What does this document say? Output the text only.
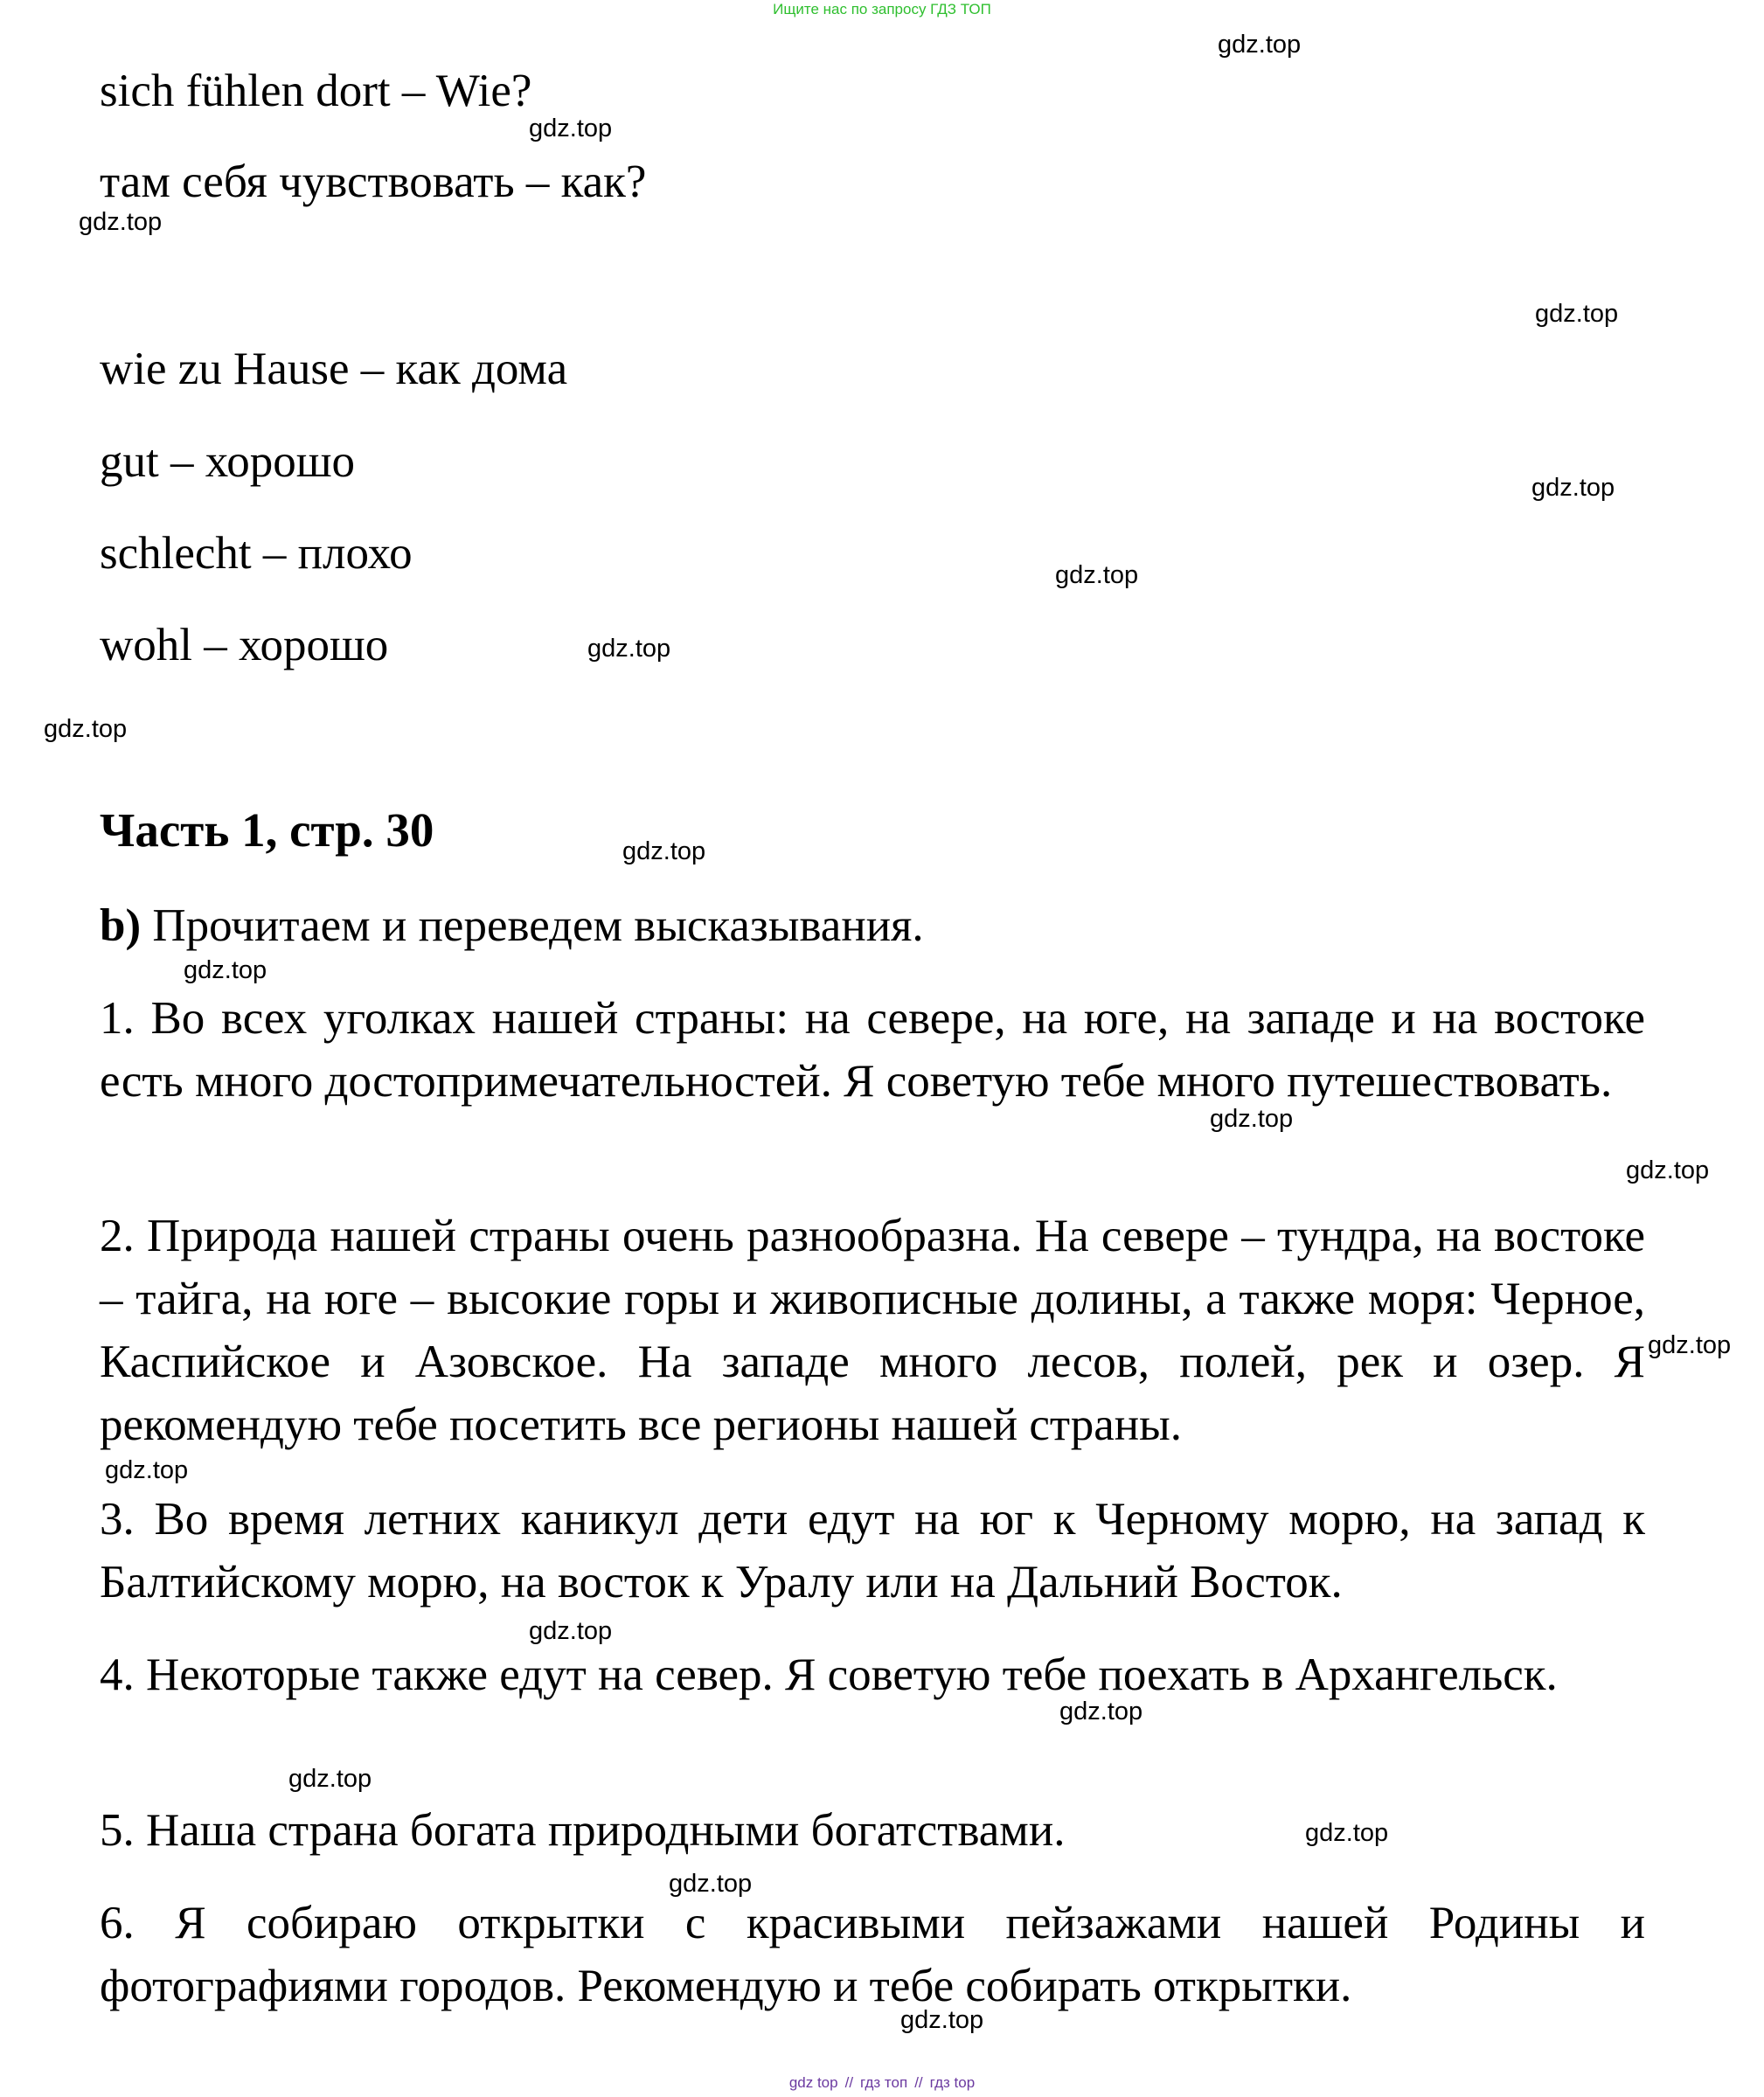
Ищите нас по запросу ГДЗ ТОП
sich fühlen dort – Wie?
там себя чувствовать – как?
wie zu Hause – как дома
gut – хорошо
schlecht – плохо
wohl – хорошо
Часть 1, стр. 30
b) Прочитаем и переведем высказывания.
1. Во всех уголках нашей страны: на севере, на юге, на западе и на востоке есть много достопримечательностей. Я советую тебе много путешествовать.
2. Природа нашей страны очень разнообразна. На севере – тундра, на востоке – тайга, на юге – высокие горы и живописные долины, а также моря: Черное, Каспийское и Азовское. На западе много лесов, полей, рек и озер. Я рекомендую тебе посетить все регионы нашей страны.
3. Во время летних каникул дети едут на юг к Черному морю, на запад к Балтийскому морю, на восток к Уралу или на Дальний Восток.
4. Некоторые также едут на север. Я советую тебе поехать в Архангельск.
5. Наша страна богата природными богатствами.
6. Я собираю открытки с красивыми пейзажами нашей Родины и фотографиями городов. Рекомендую и тебе собирать открытки.
gdz.top
gdz.top
gdz.top
gdz.top
gdz.top
gdz.top
gdz.top
gdz.top
gdz.top
gdz.top
gdz.top
gdz.top
gdz.top
gdz.top
gdz.top
gdz.top
gdz.top
gdz.top
gdz.top
gdz.top
gdz top // гдз топ // гдз top
